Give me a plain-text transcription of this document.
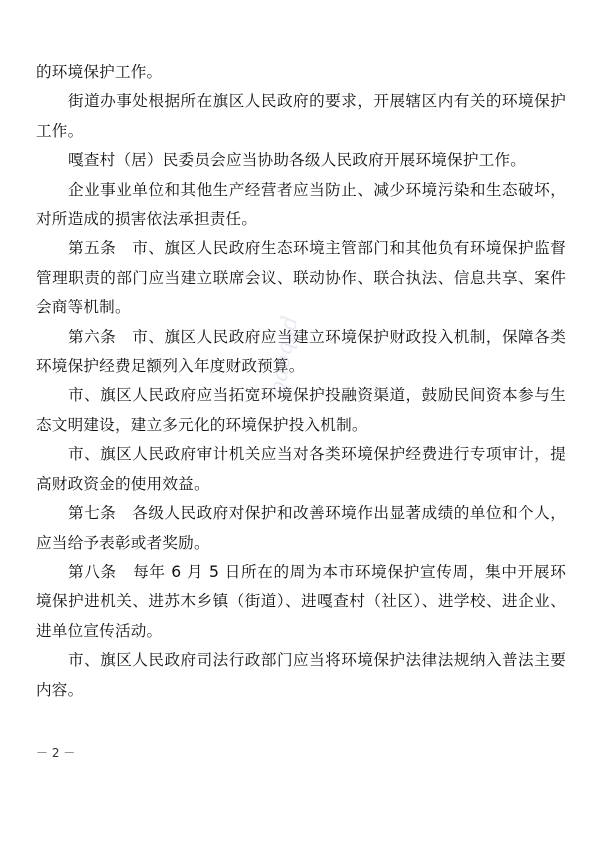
的环境保护工作。

街道办事处根据所在旗区人民政府的要求，开展辖区内有关的环境保护工作。

嘎查村（居）民委员会应当协助各级人民政府开展环境保护工作。

企业事业单位和其他生产经营者应当防止、减少环境污染和生态破坏，对所造成的损害依法承担责任。

第五条　市、旗区人民政府生态环境主管部门和其他负有环境保护监督管理职责的部门应当建立联席会议、联动协作、联合执法、信息共享、案件会商等机制。

第六条　市、旗区人民政府应当建立环境保护财政投入机制，保障各类环境保护经费足额列入年度财政预算。

市、旗区人民政府应当拓宽环境保护投融资渠道，鼓励民间资本参与生态文明建设，建立多元化的环境保护投入机制。

市、旗区人民政府审计机关应当对各类环境保护经费进行专项审计，提高财政资金的使用效益。

第七条　各级人民政府对保护和改善环境作出显著成绩的单位和个人，应当给予表彰或者奖励。

第八条　每年 6 月 5 日所在的周为本市环境保护宣传周，集中开展环境保护进机关、进苏木乡镇（街道）、进嘎查村（社区）、进学校、进企业、进单位宣传活动。

市、旗区人民政府司法行政部门应当将环境保护法律法规纳入普法主要内容。

oaoqsd
－ 2 －
